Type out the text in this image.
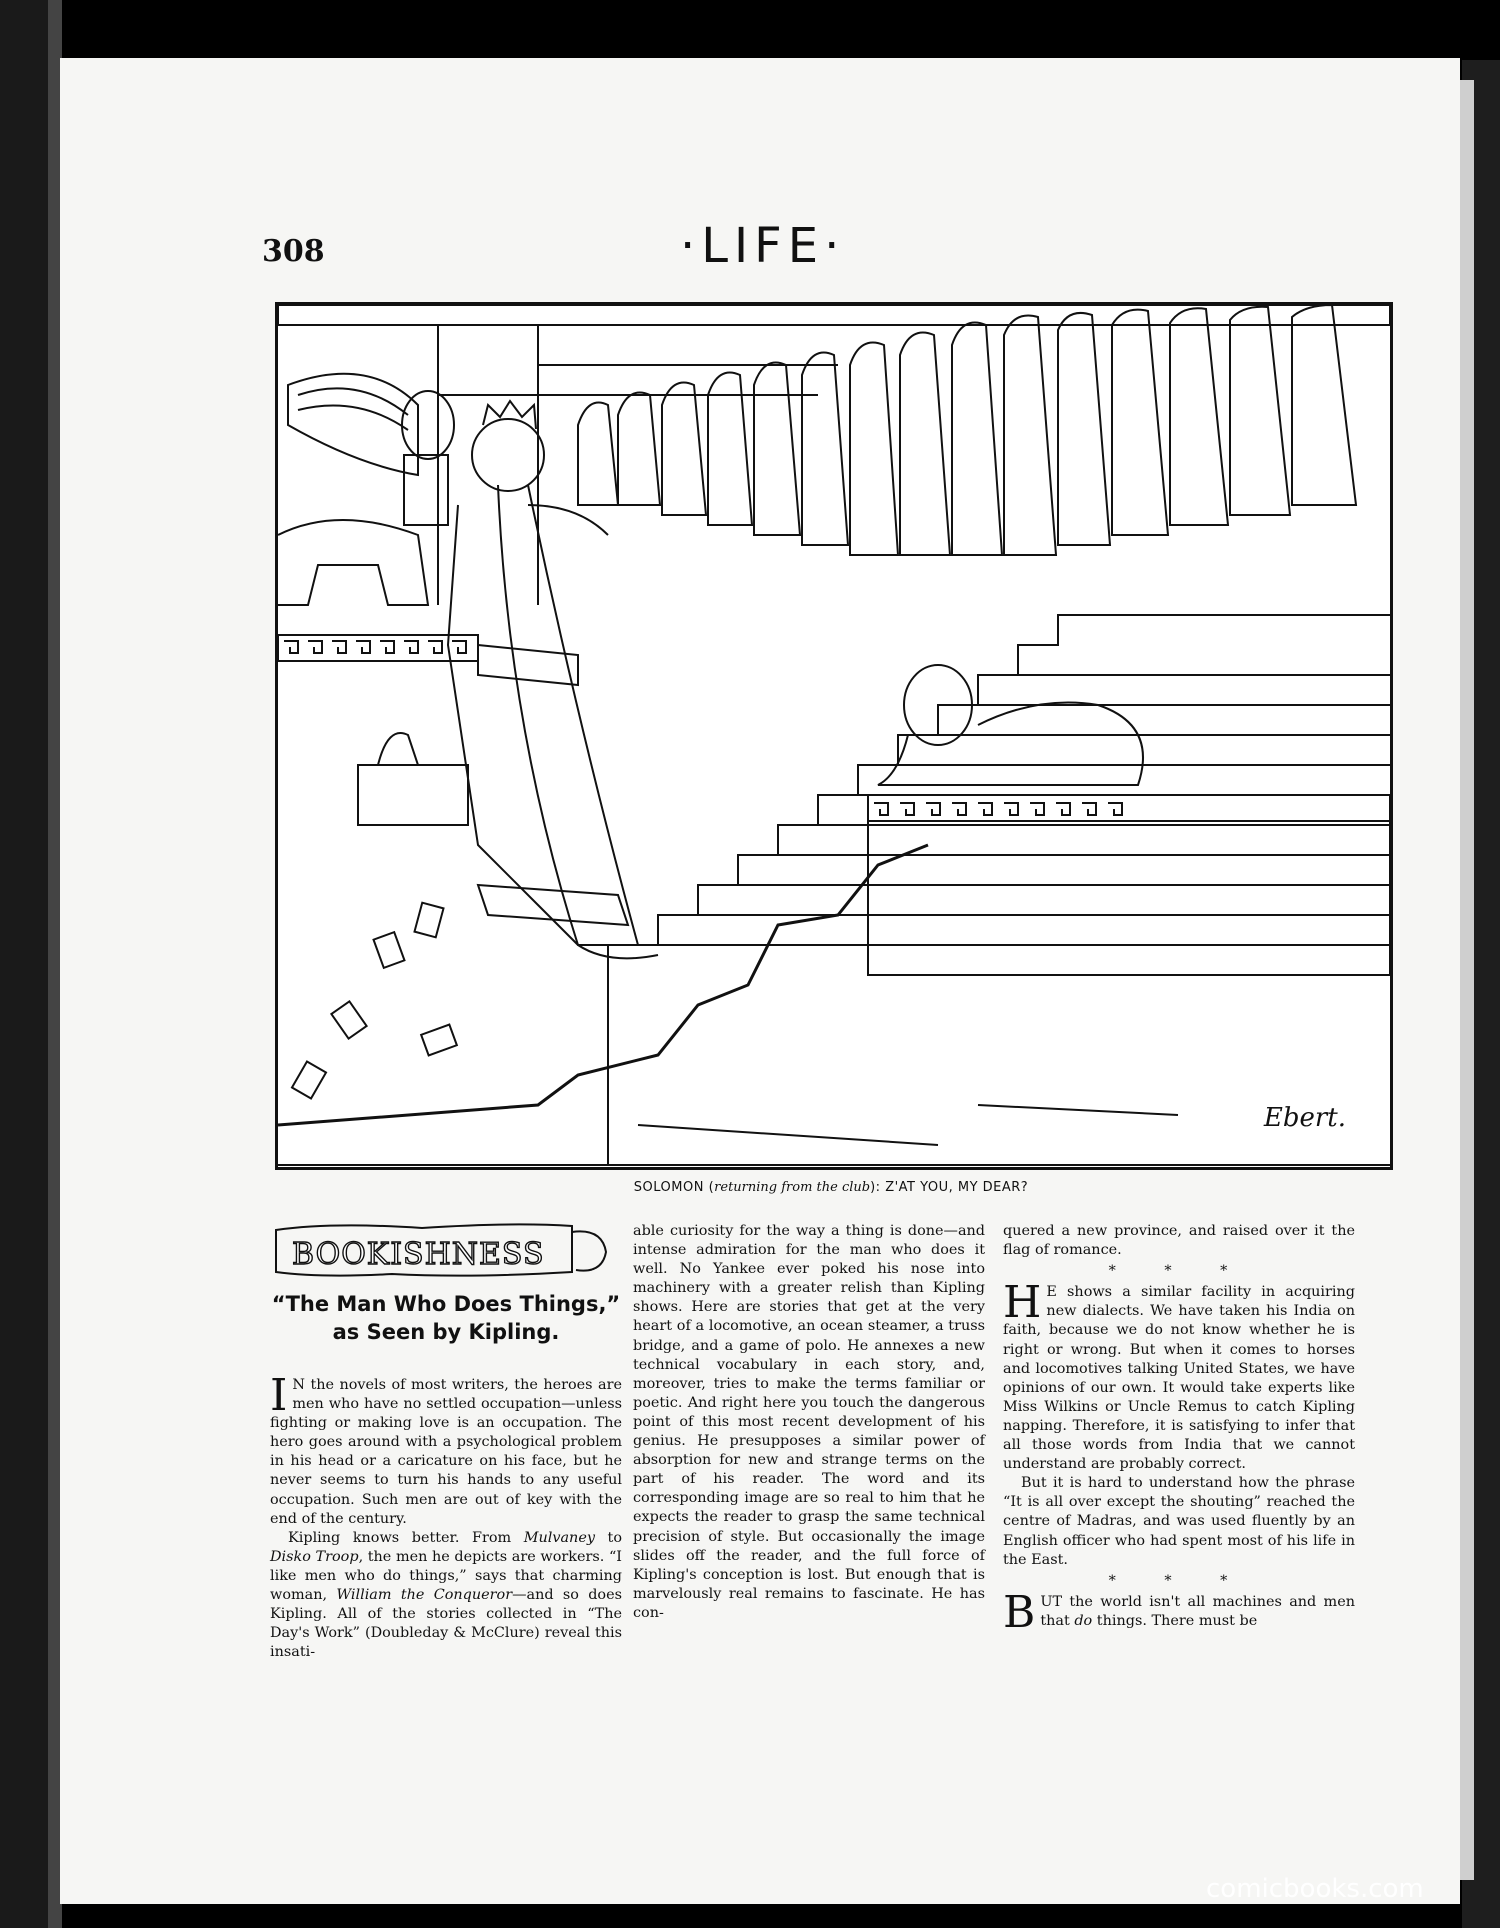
308	·LIFE·
Ebert.
SOLOMON (returning from the club): Z'AT YOU, MY DEAR?
BOOKISHNESS
“The Man Who Does Things,” as Seen by Kipling.

I N the novels of most writers, the heroes are men who have no settled occupation—unless fighting or making love is an occupation. The hero goes around with a psychological problem in his head or a caricature on his face, but he never seems to turn his hands to any useful occupation. Such men are out of key with the end of the century.

Kipling knows better. From Mulvaney to Disko Troop, the men he depicts are workers. “I like men who do things,” says that charming woman, William the Conqueror—and so does Kipling. All of the stories collected in “The Day's Work” (Doubleday & McClure) reveal this insati-

able curiosity for the way a thing is done—and intense admiration for the man who does it well. No Yankee ever poked his nose into machinery with a greater relish than Kipling shows. Here are stories that get at the very heart of a locomotive, an ocean steamer, a truss bridge, and a game of polo. He annexes a new technical vocabulary in each story, and, moreover, tries to make the terms familiar or poetic. And right here you touch the dangerous point of this most recent development of his genius. He presupposes a similar power of absorption for new and strange terms on the part of his reader. The word and its corresponding image are so real to him that he expects the reader to grasp the same technical precision of style. But occasionally the image slides off the reader, and the full force of Kipling's conception is lost. But enough that is marvelously real remains to fascinate. He has con-

quered a new province, and raised over it the flag of romance.

* * *

H E shows a similar facility in acquiring new dialects. We have taken his India on faith, because we do not know whether he is right or wrong. But when it comes to horses and locomotives talking United States, we have opinions of our own. It would take experts like Miss Wilkins or Uncle Remus to catch Kipling napping. Therefore, it is satisfying to infer that all those words from India that we cannot understand are probably correct.

But it is hard to understand how the phrase “It is all over except the shouting” reached the centre of Madras, and was used fluently by an English officer who had spent most of his life in the East.

* * *

BUT the world isn't all machines and men that do things. There must be

comicbooks.com
